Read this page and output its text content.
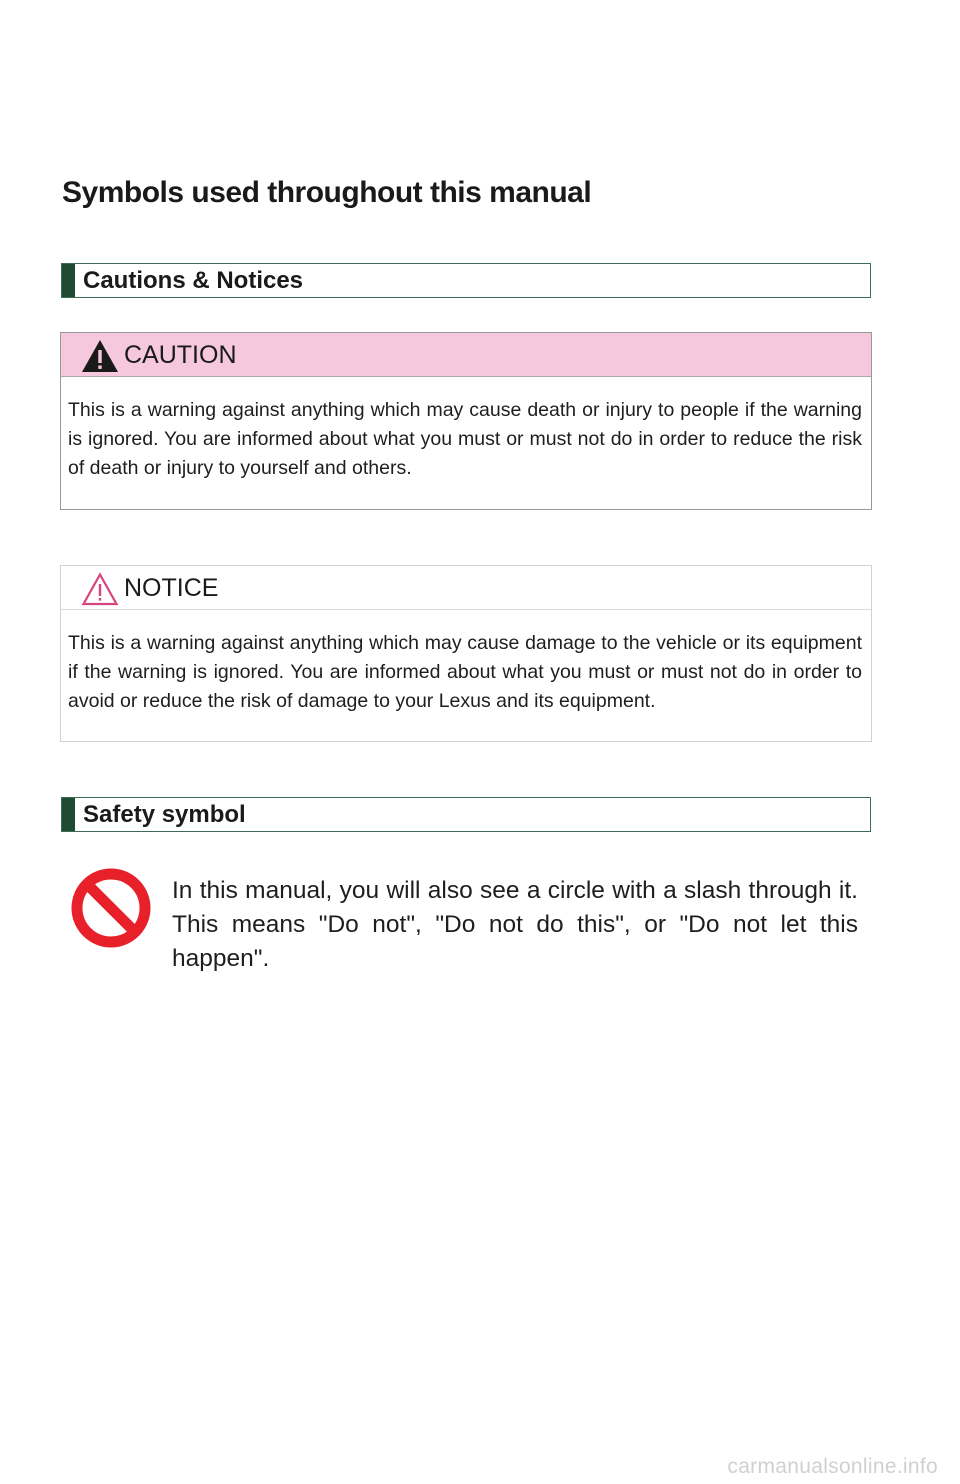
Symbols used throughout this manual
Cautions & Notices
CAUTION
This is a warning against anything which may cause death or injury to people if the warning is ignored. You are informed about what you must or must not do in order to reduce the risk of death or injury to yourself and others.
NOTICE
This is a warning against anything which may cause damage to the vehicle or its equipment if the warning is ignored. You are informed about what you must or must not do in order to avoid or reduce the risk of damage to your Lexus and its equipment.
Safety symbol

In this manual, you will also see a circle with a slash through it. This means "Do not", "Do not do this", or "Do not let this happen".

carmanualsonline.info
